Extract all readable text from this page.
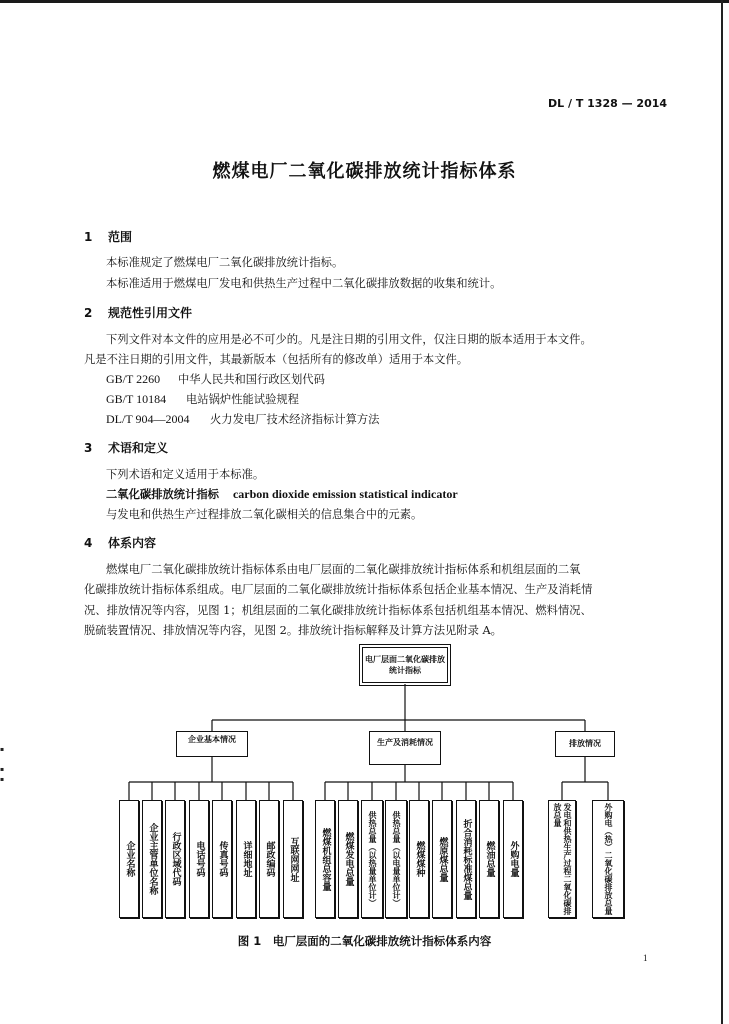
▪

▪
▪
DL / T 1328 — 2014
燃煤电厂二氧化碳排放统计指标体系
1 范围
本标准规定了燃煤电厂二氧化碳排放统计指标。
本标准适用于燃煤电厂发电和供热生产过程中二氧化碳排放数据的收集和统计。
2 规范性引用文件
下列文件对本文件的应用是必不可少的。凡是注日期的引用文件，仅注日期的版本适用于本文件。
凡是不注日期的引用文件，其最新版本（包括所有的修改单）适用于本文件。
GB/T 2260 中华人民共和国行政区划代码
GB/T 10184 电站锅炉性能试验规程
DL/T 904—2004 火力发电厂技术经济指标计算方法
3 术语和定义
下列术语和定义适用于本标准。
二氧化碳排放统计指标 carbon dioxide emission statistical indicator
与发电和供热生产过程排放二氧化碳相关的信息集合中的元素。
4 体系内容
燃煤电厂二氧化碳排放统计指标体系由电厂层面的二氧化碳排放统计指标体系和机组层面的二氧
化碳排放统计指标体系组成。电厂层面的二氧化碳排放统计指标体系包括企业基本情况、生产及消耗情
况、排放情况等内容，见图 1；机组层面的二氧化碳排放统计指标体系包括机组基本情况、燃料情况、
脱硫装置情况、排放情况等内容，见图 2。排放统计指标解释及计算方法见附录 A。
电厂层面二氧化碳排放统计指标
企业基本情况	生产及消耗情况	排放情况
企业名称	企业主管单位名称	行政区域代码	电话号码	传真号码	详细地址	邮政编码	互联网网址	燃煤机组总容量	燃煤发电总量	供热总量（以热量单位计）	供热总量（以电量单位计）	燃煤煤种	燃原煤总量	折合消耗标准煤总量	燃油总量	外购电量	发电和供热生产过程二氧化碳排放总量	外购电（热）二氧化碳排放总量
图 1　电厂层面的二氧化碳排放统计指标体系内容
1
